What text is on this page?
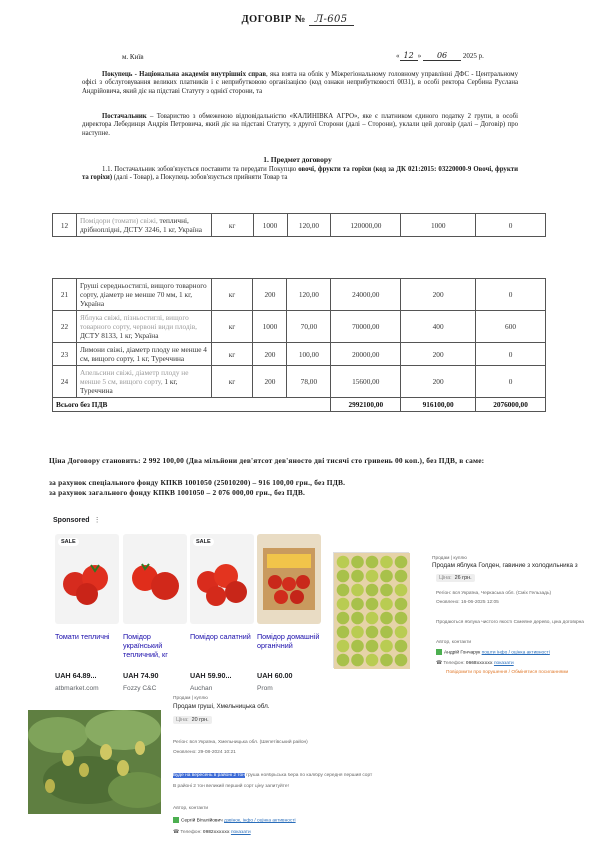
ДОГОВІР № Л-605
м. Київ	« 12 » 06 2025 р.
Покупець - Національна академія внутрішніх справ, яка взята на облік у Міжрегіональному головному управлінні ДФС - Центральному офісі з обслуговування великих платників і є неприбутковою організацією (код ознаки неприбутковості 0031), в особі ректора Сербина Руслана Андрійовича, який діє на підставі Статуту з однієї сторони, та
Постачальник – Товариство з обмеженою відповідальністю «КАЛИНІВКА АГРО», яке є платником єдиного податку 2 групи, в особі директора Лебединця Андрія Петровича, який діє на підставі Статуту, з другої Сторони (далі – Сторони), уклали цей договір (далі – Договір) про наступне.
1. Предмет договору
1.1. Постачальник зобов'язується поставити та передати Покупцю овочі, фрукти та горіхи (код за ДК 021:2015: 03220000-9 Овочі, фрукти та горіхи) (далі - Товар), а Покупець зобов'язується прийняти Товар та
12	Помідори (томати) свіжі, тепличні, дрібноплідні, ДСТУ 3246, 1 кг, Україна	кг	1000	120,00	120000,00	1000	0
21	Груші середньостиглі, вищого товарного сорту, діаметр не менше 70 мм, 1 кг, Україна	кг	200	120,00	24000,00	200	0
22	Яблука свіжі, пізньостиглі, вищого товарного сорту, червоні види плодів, ДСТУ 8133, 1 кг, Україна	кг	1000	70,00	70000,00	400	600
23	Лимони свіжі, діаметр плоду не менше 4 см, вищого сорту, 1 кг, Туреччина	кг	200	100,00	20000,00	200	0
24	Апельсини свіжі, діаметр плоду не менше 5 см, вищого сорту, 1 кг, Туреччина	кг	200	78,00	15600,00	200	0
Всього без ПДВ					2992100,00	916100,00	2076000,00
Ціна Договору становить: 2 992 100,00 (Два мільйони дев'ятсот дев'яносто дві тисячі сто гривень 00 коп.), без ПДВ, в саме:
за рахунок спеціального фонду КПКВ 1001050 (25010200) – 916 100,00 грн., без ПДВ.
за рахунок загального фонду КПКВ 1001050 – 2 076 000,00 грн., без ПДВ.
Sponsored ⋮
SALE
Томати тепличні
UAH 64.89...
atbmarket.com
Помідор український тепличний, кг
UAH 74.90
Fozzy C&C
SALE
Помідор салатний
UAH 59.90...
Auchan
Помідор домашній органічний
UAH 60.00
Prom
Продам | куплю
Продам яблука Голден, гавиние з холодильника з
Ціна: 26 грн.
Регіон: вся Україна, Черкаська обл. (Сміх Гельзадь)
Оновлено: 16-06-2025 12:05
Продаються яблука чистого якості Сімейне дерево, ціна договірна
Автор, контакти
Андрій Гончарук пошти інфо / оцінка активності
☎ Телефон: 0668xxxxxx показати
Повідомити про порушення / Обмінятися посиланнями
Продам | куплю
Продам груші, Хмельницька обл.
Ціна: 20 грн.
Регіон: вся Україна, Хмельницька обл. (Шепетівський район)
Оновлено: 29-08-2024 10:21
Буде на вересень в районі 2 тон груша ноябрьська бера по калібру середня перший сорт
В районі 2 тон великий перший сорт ціну запитуйте!
Автор, контакти
Сергій Віталійович дзвінок, інфо / оцінка активності
☎ Телефон: 0982xxxxxx показати
